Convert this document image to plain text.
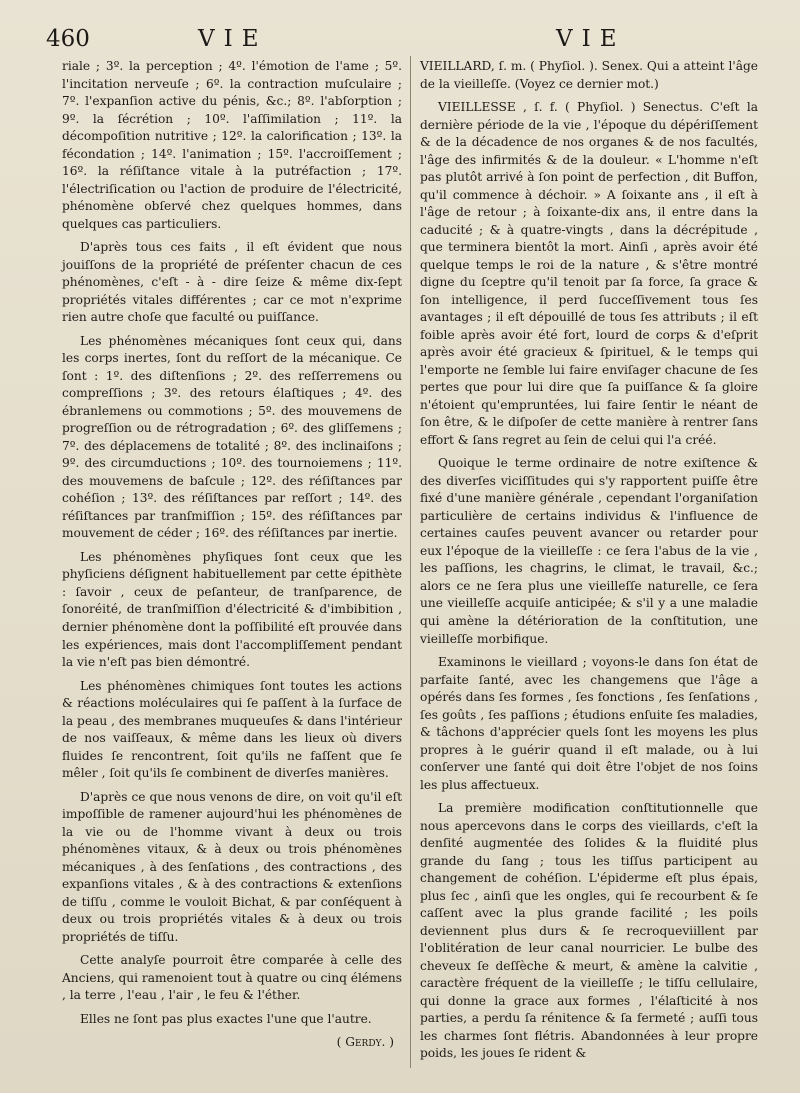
460	VIE	VIE

riale ; 3º. la perception ; 4º. l'émotion de l'ame ; 5º. l'incitation nerveuſe ; 6º. la contraction muſculaire ; 7º. l'expanſion active du pénis, &c.; 8º. l'abſorption ; 9º. la ſécrétion ; 10º. l'aſſimilation ; 11º. la décompoſition nutritive ; 12º. la calorification ; 13º. la fécondation ; 14º. l'animation ; 15º. l'accroiſſement ; 16º. la réſiſtance vitale à la putréfaction ; 17º. l'électriſication ou l'action de produire de l'électricité, phénomène obſervé chez quelques hommes, dans quelques cas particuliers.

D'après tous ces faits , il eſt évident que nous jouiſſons de la propriété de préſenter chacun de ces phénomènes, c'eſt - à - dire ſeize & même dix-ſept propriétés vitales différentes ; car ce mot n'exprime rien autre choſe que faculté ou puiſſance.

Les phénomènes mécaniques ſont ceux qui, dans les corps inertes, ſont du reſſort de la mécanique. Ce ſont : 1º. des diſtenſions ; 2º. des reſſerremens ou compreſſions ; 3º. des retours élaſtiques ; 4º. des ébranlemens ou commotions ; 5º. des mouvemens de progreſſion ou de rétrogradation ; 6º. des gliſſemens ; 7º. des déplacemens de totalité ; 8º. des inclinaiſons ; 9º. des circumductions ; 10º. des tournoiemens ; 11º. des mouvemens de baſcule ; 12º. des réſiſtances par cohéſion ; 13º. des réſiſtances par reſſort ; 14º. des réſiſtances par tranſmiſſion ; 15º. des réſiſtances par mouvement de céder ; 16º. des réſiſtances par inertie.

Les phénomènes phyſiques ſont ceux que les phyſiciens déſignent habituellement par cette épithète : ſavoir , ceux de peſanteur, de tranſparence, de ſonoréité, de tranſmiſſion d'électricité & d'imbibition , dernier phénomène dont la poſſibilité eſt prouvée dans les expériences, mais dont l'accompliſſement pendant la vie n'eſt pas bien démontré.

Les phénomènes chimiques ſont toutes les actions & réactions moléculaires qui ſe paſſent à la ſurface de la peau , des membranes muqueuſes & dans l'intérieur de nos vaiſſeaux, & même dans les lieux où divers fluides ſe rencontrent, ſoit qu'ils ne faſſent que ſe mêler , ſoit qu'ils ſe combinent de diverſes manières.

D'après ce que nous venons de dire, on voit qu'il eſt impoſſible de ramener aujourd'hui les phénomènes de la vie ou de l'homme vivant à deux ou trois phénomènes vitaux, & à deux ou trois phénomènes mécaniques , à des ſenſations , des contractions , des expanſions vitales , & à des contractions & extenſions de tiſſu , comme le vouloit Bichat, & par conſéquent à deux ou trois propriétés vitales & à deux ou trois propriétés de tiſſu.

Cette analyſe pourroit être comparée à celle des Anciens, qui ramenoient tout à quatre ou cinq élémens , la terre , l'eau , l'air , le feu & l'éther.

Elles ne ſont pas plus exactes l'une que l'autre.

( Gerdy. )

VIEILLARD, ſ. m. ( Phyſiol. ). Senex. Qui a atteint l'âge de la vieilleſſe. (Voyez ce dernier mot.)

VIEILLESSE , ſ. f. ( Phyſiol. ) Senectus. C'eſt la dernière période de la vie , l'époque du dépériſſement & de la décadence de nos organes & de nos facultés, l'âge des infirmités & de la douleur. « L'homme n'eſt pas plutôt arrivé à ſon point de perfection , dit Buffon, qu'il commence à déchoir. » A ſoixante ans , il eſt à l'âge de retour ; à ſoixante-dix ans, il entre dans la caducité ; & à quatre-vingts , dans la décrépitude , que terminera bientôt la mort. Ainſi , après avoir été quelque temps le roi de la nature , & s'être montré digne du ſceptre qu'il tenoit par ſa force, ſa grace & ſon intelligence, il perd ſucceſſivement tous ſes avantages ; il eſt dépouillé de tous ſes attributs ; il eſt foible après avoir été fort, lourd de corps & d'eſprit après avoir été gracieux & ſpirituel, & le temps qui l'emporte ne ſemble lui faire enviſager chacune de ſes pertes que pour lui dire que ſa puiſſance & ſa gloire n'étoient qu'empruntées, lui faire ſentir le néant de ſon être, & le diſpoſer de cette manière à rentrer ſans effort & ſans regret au ſein de celui qui l'a créé.

Quoique le terme ordinaire de notre exiſtence & des diverſes viciſſitudes qui s'y rapportent puiſſe être fixé d'une manière générale , cependant l'organiſation particulière de certains individus & l'influence de certaines cauſes peuvent avancer ou retarder pour eux l'époque de la vieilleſſe : ce ſera l'abus de la vie , les paſſions, les chagrins, le climat, le travail, &c.; alors ce ne ſera plus une vieilleſſe naturelle, ce ſera une vieilleſſe acquiſe anticipée; & s'il y a une maladie qui amène la détérioration de la conſtitution, une vieilleſſe morbifique.

Examinons le vieillard ; voyons-le dans ſon état de parfaite ſanté, avec les changemens que l'âge a opérés dans ſes formes , ſes fonctions , ſes ſenſations , ſes goûts , ſes paſſions ; étudions enſuite ſes maladies, & tâchons d'apprécier quels ſont les moyens les plus propres à le guérir quand il eſt malade, ou à lui conſerver une ſanté qui doit être l'objet de nos ſoins les plus affectueux.

La première modification conſtitutionnelle que nous apercevons dans le corps des vieillards, c'eſt la denſité augmentée des ſolides & la fluidité plus grande du ſang ; tous les tiſſus participent au changement de cohéſion. L'épiderme eſt plus épais, plus ſec , ainſi que les ongles, qui ſe recourbent & ſe caſſent avec la plus grande facilité ; les poils deviennent plus durs & ſe recroqueviillent par l'oblitération de leur canal nourricier. Le bulbe des cheveux ſe deſſèche & meurt, & amène la calvitie , caractère fréquent de la vieilleſſe ; le tiſſu cellulaire, qui donne la grace aux formes , l'élaſticité à nos parties, a perdu ſa rénitence & ſa fermeté ; auſſi tous les charmes ſont flétris. Abandonnées à leur propre poids, les joues ſe rident &
